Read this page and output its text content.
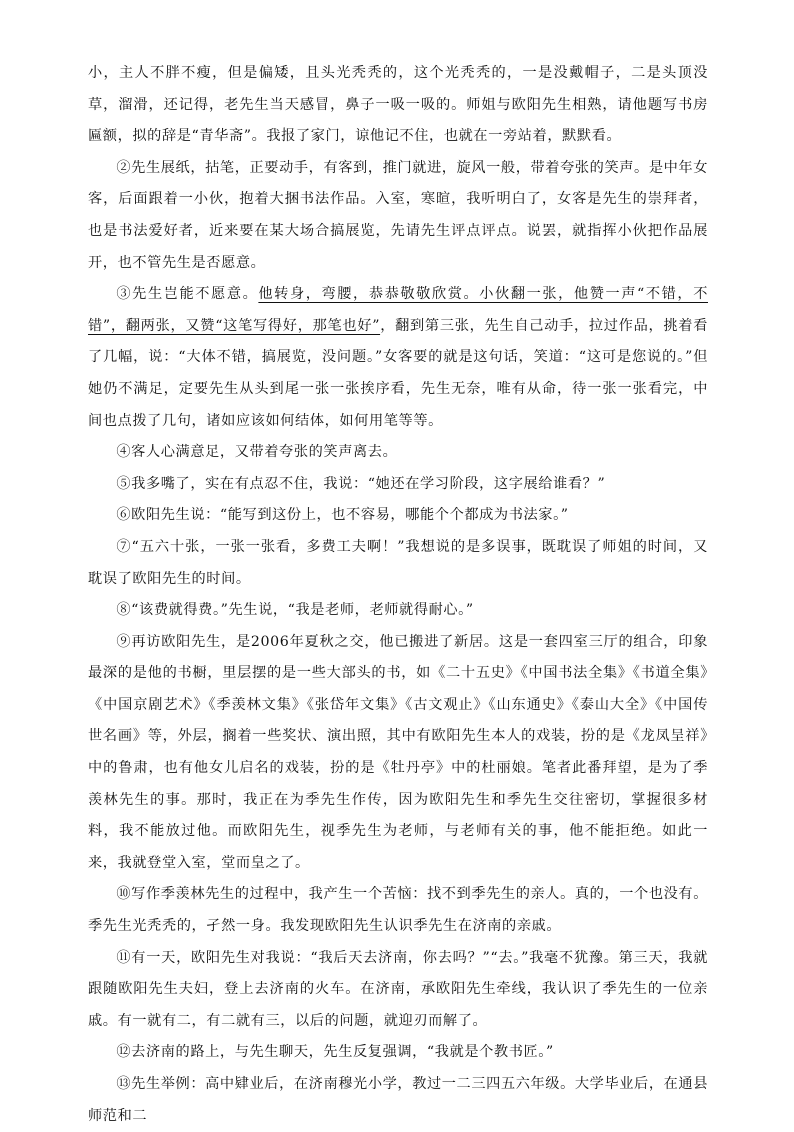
小，主人不胖不瘦，但是偏矮，且头光秃秃的，这个光秃秃的，一是没戴帽子，二是头顶没草，溜滑，还记得，老先生当天感冒，鼻子一吸一吸的。师姐与欧阳先生相熟，请他题写书房匾额，拟的辞是“青华斋”。我报了家门，谅他记不住，也就在一旁站着，默默看。

②先生展纸，拈笔，正要动手，有客到，推门就进，旋风一般，带着夸张的笑声。是中年女客，后面跟着一小伙，抱着大捆书法作品。入室，寒暄，我听明白了，女客是先生的崇拜者，也是书法爱好者，近来要在某大场合搞展览，先请先生评点评点。说罢，就指挥小伙把作品展开，也不管先生是否愿意。

③先生岂能不愿意。他转身，弯腰，恭恭敬敬欣赏。小伙翻一张，他赞一声“不错，不错”，翻两张，又赞“这笔写得好，那笔也好”，翻到第三张，先生自己动手，拉过作品，挑着看了几幅，说：“大体不错，搞展览，没问题。”女客要的就是这句话，笑道：“这可是您说的。”但她仍不满足，定要先生从头到尾一张一张挨序看，先生无奈，唯有从命，待一张一张看完，中间也点拨了几句，诸如应该如何结体，如何用笔等等。

④客人心满意足，又带着夸张的笑声离去。

⑤我多嘴了，实在有点忍不住，我说：“她还在学习阶段，这字展给谁看？”

⑥欧阳先生说：“能写到这份上，也不容易，哪能个个都成为书法家。”

⑦“五六十张，一张一张看，多费工夫啊！”我想说的是多误事，既耽误了师姐的时间，又耽误了欧阳先生的时间。

⑧“该费就得费。”先生说，“我是老师，老师就得耐心。”

⑨再访欧阳先生，是2006年夏秋之交，他已搬进了新居。这是一套四室三厅的组合，印象最深的是他的书橱，里层摆的是一些大部头的书，如《二十五史》《中国书法全集》《书道全集》《中国京剧艺术》《季羡林文集》《张岱年文集》《古文观止》《山东通史》《泰山大全》《中国传世名画》等，外层，搁着一些奖状、演出照，其中有欧阳先生本人的戏装，扮的是《龙凤呈祥》中的鲁肃，也有他女儿启名的戏装，扮的是《牡丹亭》中的杜丽娘。笔者此番拜望，是为了季羡林先生的事。那时，我正在为季先生作传，因为欧阳先生和季先生交往密切，掌握很多材料，我不能放过他。而欧阳先生，视季先生为老师，与老师有关的事，他不能拒绝。如此一来，我就登堂入室，堂而皇之了。

⑩写作季羡林先生的过程中，我产生一个苦恼：找不到季先生的亲人。真的，一个也没有。季先生光秃秃的，孑然一身。我发现欧阳先生认识季先生在济南的亲戚。

⑪有一天，欧阳先生对我说：“我后天去济南，你去吗？”“去。”我毫不犹豫。第三天，我就跟随欧阳先生夫妇，登上去济南的火车。在济南，承欧阳先生牵线，我认识了季先生的一位亲戚。有一就有二，有二就有三，以后的问题，就迎刃而解了。

⑫去济南的路上，与先生聊天，先生反复强调，“我就是个教书匠。”

⑬先生举例：高中肄业后，在济南穆光小学，教过一二三四五六年级。大学毕业后，在通县师范和二
